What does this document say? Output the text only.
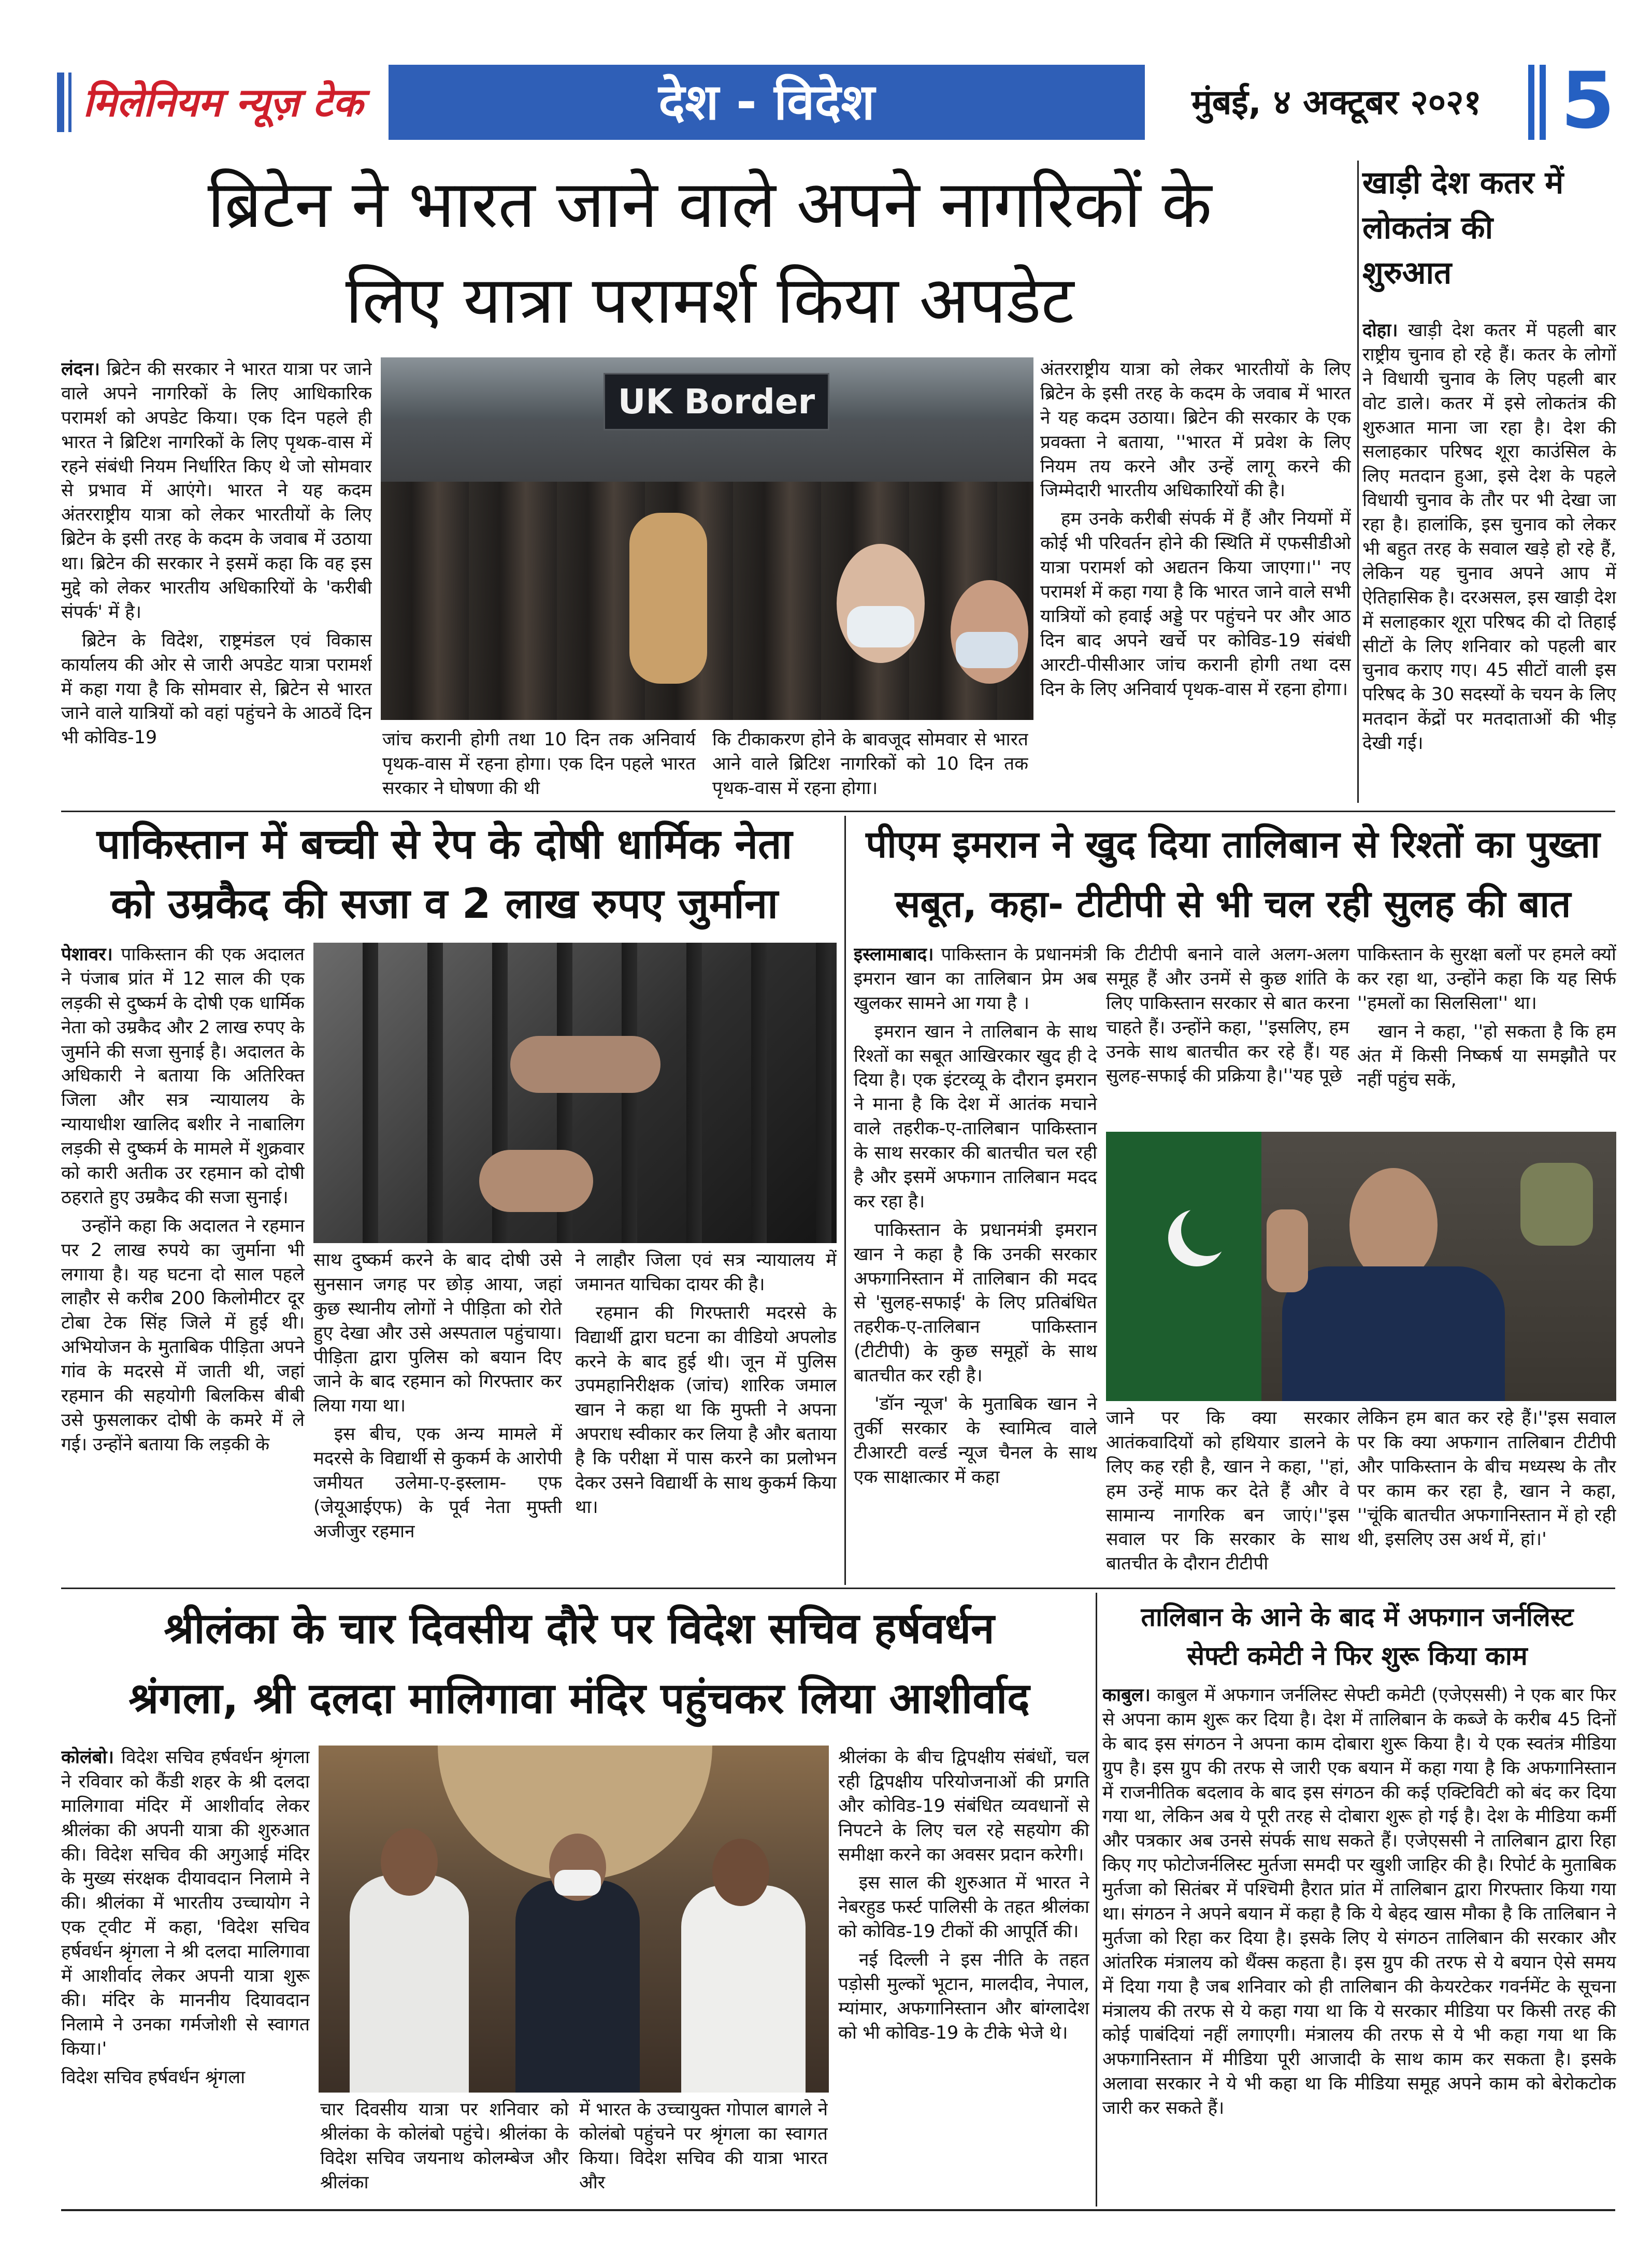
मिलेनियम न्यूज़ टेक	देश - विदेश	मुंबई, ४ अक्टूबर २०२१	5
ब्रिटेन ने भारत जाने वाले अपने नागरिकों के
लिए यात्रा परामर्श किया अपडेट

लंदन। ब्रिटेन की सरकार ने भारत यात्रा पर जाने वाले अपने नागरिकों के लिए आधिकारिक परामर्श को अपडेट किया। एक दिन पहले ही भारत ने ब्रिटिश नागरिकों के लिए पृथक-वास में रहने संबंधी नियम निर्धारित किए थे जो सोमवार से प्रभाव में आएंगे। भारत ने यह कदम अंतरराष्ट्रीय यात्रा को लेकर भारतीयों के लिए ब्रिटेन के इसी तरह के कदम के जवाब में उठाया था। ब्रिटेन की सरकार ने इसमें कहा कि वह इस मुद्दे को लेकर भारतीय अधिकारियों के 'करीबी संपर्क' में है।

ब्रिटेन के विदेश, राष्ट्रमंडल एवं विकास कार्यालय की ओर से जारी अपडेट यात्रा परामर्श में कहा गया है कि सोमवार से, ब्रिटेन से भारत जाने वाले यात्रियों को वहां पहुंचने के आठवें दिन भी कोविड-19

UK Border

जांच करानी होगी तथा 10 दिन तक अनिवार्य पृथक-वास में रहना होगा। एक दिन पहले भारत सरकार ने घोषणा की थी

कि टीकाकरण होने के बावजूद सोमवार से भारत आने वाले ब्रिटिश नागरिकों को 10 दिन तक पृथक-वास में रहना होगा।

अंतरराष्ट्रीय यात्रा को लेकर भारतीयों के लिए ब्रिटेन के इसी तरह के कदम के जवाब में भारत ने यह कदम उठाया। ब्रिटेन की सरकार के एक प्रवक्ता ने बताया, ''भारत में प्रवेश के लिए नियम तय करने और उन्हें लागू करने की जिम्मेदारी भारतीय अधिकारियों की है।

हम उनके करीबी संपर्क में हैं और नियमों में कोई भी परिवर्तन होने की स्थिति में एफसीडीओ यात्रा परामर्श को अद्यतन किया जाएगा।'' नए परामर्श में कहा गया है कि भारत जाने वाले सभी यात्रियों को हवाई अड्डे पर पहुंचने पर और आठ दिन बाद अपने खर्चे पर कोविड-19 संबंधी आरटी-पीसीआर जांच करानी होगी तथा दस दिन के लिए अनिवार्य पृथक-वास में रहना होगा।

खाड़ी देश कतर में लोकतंत्र की शुरुआत

दोहा। खाड़ी देश कतर में पहली बार राष्ट्रीय चुनाव हो रहे हैं। कतर के लोगों ने विधायी चुनाव के लिए पहली बार वोट डाले। कतर में इसे लोकतंत्र की शुरुआत माना जा रहा है। देश की सलाहकार परिषद शूरा काउंसिल के लिए मतदान हुआ, इसे देश के पहले विधायी चुनाव के तौर पर भी देखा जा रहा है। हालांकि, इस चुनाव को लेकर भी बहुत तरह के सवाल खड़े हो रहे हैं, लेकिन यह चुनाव अपने आप में ऐतिहासिक है। दरअसल, इस खाड़ी देश में सलाहकार शूरा परिषद की दो तिहाई सीटों के लिए शनिवार को पहली बार चुनाव कराए गए। 45 सीटों वाली इस परिषद के 30 सदस्यों के चयन के लिए मतदान केंद्रों पर मतदाताओं की भीड़ देखी गई।

पाकिस्तान में बच्ची से रेप के दोषी धार्मिक नेता
को उम्रकैद की सजा व 2 लाख रुपए जुर्माना

पेशावर। पाकिस्तान की एक अदालत ने पंजाब प्रांत में 12 साल की एक लड़की से दुष्कर्म के दोषी एक धार्मिक नेता को उम्रकैद और 2 लाख रुपए के जुर्माने की सजा सुनाई है। अदालत के अधिकारी ने बताया कि अतिरिक्त जिला और सत्र न्यायालय के न्यायाधीश खालिद बशीर ने नाबालिग लड़की से दुष्कर्म के मामले में शुक्रवार को कारी अतीक उर रहमान को दोषी ठहराते हुए उम्रकैद की सजा सुनाई।

उन्होंने कहा कि अदालत ने रहमान पर 2 लाख रुपये का जुर्माना भी लगाया है। यह घटना दो साल पहले लाहौर से करीब 200 किलोमीटर दूर टोबा टेक सिंह जिले में हुई थी। अभियोजन के मुताबिक पीड़िता अपने गांव के मदरसे में जाती थी, जहां रहमान की सहयोगी बिलकिस बीबी उसे फुसलाकर दोषी के कमरे में ले गई। उन्होंने बताया कि लड़की के

साथ दुष्कर्म करने के बाद दोषी उसे सुनसान जगह पर छोड़ आया, जहां कुछ स्थानीय लोगों ने पीड़िता को रोते हुए देखा और उसे अस्पताल पहुंचाया। पीड़िता द्वारा पुलिस को बयान दिए जाने के बाद रहमान को गिरफ्तार कर लिया गया था।

इस बीच, एक अन्य मामले में मदरसे के विद्यार्थी से कुकर्म के आरोपी जमीयत उलेमा-ए-इस्लाम- एफ (जेयूआईएफ) के पूर्व नेता मुफ्ती अजीजुर रहमान

ने लाहौर जिला एवं सत्र न्यायालय में जमानत याचिका दायर की है।

रहमान की गिरफ्तारी मदरसे के विद्यार्थी द्वारा घटना का वीडियो अपलोड करने के बाद हुई थी। जून में पुलिस उपमहानिरीक्षक (जांच) शारिक जमाल खान ने कहा था कि मुफ्ती ने अपना अपराध स्वीकार कर लिया है और बताया है कि परीक्षा में पास करने का प्रलोभन देकर उसने विद्यार्थी के साथ कुकर्म किया था।

पीएम इमरान ने खुद दिया तालिबान से रिश्तों का पुख्ता
सबूत, कहा- टीटीपी से भी चल रही सुलह की बात

इस्लामाबाद। पाकिस्तान के प्रधानमंत्री इमरान खान का तालिबान प्रेम अब खुलकर सामने आ गया है ।

इमरान खान ने तालिबान के साथ रिश्तों का सबूत आखिरकार खुद ही दे दिया है। एक इंटरव्यू के दौरान इमरान ने माना है कि देश में आतंक मचाने वाले तहरीक-ए-तालिबान पाकिस्तान के साथ सरकार की बातचीत चल रही है और इसमें अफगान तालिबान मदद कर रहा है।

पाकिस्तान के प्रधानमंत्री इमरान खान ने कहा है कि उनकी सरकार अफगानिस्तान में तालिबान की मदद से 'सुलह-सफाई' के लिए प्रतिबंधित तहरीक-ए-तालिबान पाकिस्तान (टीटीपी) के कुछ समूहों के साथ बातचीत कर रही है।

'डॉन न्यूज' के मुताबिक खान ने तुर्की सरकार के स्वामित्व वाले टीआरटी वर्ल्ड न्यूज चैनल के साथ एक साक्षात्कार में कहा

कि टीटीपी बनाने वाले अलग-अलग समूह हैं और उनमें से कुछ शांति के लिए पाकिस्तान सरकार से बात करना चाहते हैं। उन्होंने कहा, ''इसलिए, हम उनके साथ बातचीत कर रहे हैं। यह सुलह-सफाई की प्रक्रिया है।''यह पूछे

पाकिस्तान के सुरक्षा बलों पर हमले क्यों कर रहा था, उन्होंने कहा कि यह सिर्फ ''हमलों का सिलसिला'' था।

खान ने कहा, ''हो सकता है कि हम अंत में किसी निष्कर्ष या समझौते पर नहीं पहुंच सकें,

जाने पर कि क्या सरकार आतंकवादियों को हथियार डालने के लिए कह रही है, खान ने कहा, ''हां, हम उन्हें माफ कर देते हैं और वे सामान्य नागरिक बन जाएं।''इस सवाल पर कि सरकार के साथ बातचीत के दौरान टीटीपी

लेकिन हम बात कर रहे हैं।''इस सवाल पर कि क्या अफगान तालिबान टीटीपी और पाकिस्तान के बीच मध्यस्थ के तौर पर काम कर रहा है, खान ने कहा, ''चूंकि बातचीत अफगानिस्तान में हो रही थी, इसलिए उस अर्थ में, हां।'

श्रीलंका के चार दिवसीय दौरे पर विदेश सचिव हर्षवर्धन
श्रंगला, श्री दलदा मालिगावा मंदिर पहुंचकर लिया आशीर्वाद

कोलंबो। विदेश सचिव हर्षवर्धन श्रृंगला ने रविवार को कैंडी शहर के श्री दलदा मालिगावा मंदिर में आशीर्वाद लेकर श्रीलंका की अपनी यात्रा की शुरुआत की। विदेश सचिव की अगुआई मंदिर के मुख्य संरक्षक दीयावदान निलामे ने की। श्रीलंका में भारतीय उच्चायोग ने एक ट्वीट में कहा, 'विदेश सचिव हर्षवर्धन श्रृंगला ने श्री दलदा मालिगावा में आशीर्वाद लेकर अपनी यात्रा शुरू की। मंदिर के माननीय दियावदान निलामे ने उनका गर्मजोशी से स्वागत किया।'

विदेश सचिव हर्षवर्धन श्रृंगला

चार दिवसीय यात्रा पर शनिवार को श्रीलंका के कोलंबो पहुंचे। श्रीलंका के विदेश सचिव जयनाथ कोलम्बेज और श्रीलंका

में भारत के उच्चायुक्त गोपाल बागले ने कोलंबो पहुंचने पर श्रृंगला का स्वागत किया। विदेश सचिव की यात्रा भारत और

श्रीलंका के बीच द्विपक्षीय संबंधों, चल रही द्विपक्षीय परियोजनाओं की प्रगति और कोविड-19 संबंधित व्यवधानों से निपटने के लिए चल रहे सहयोग की समीक्षा करने का अवसर प्रदान करेगी।

इस साल की शुरुआत में भारत ने नेबरहुड फर्स्ट पालिसी के तहत श्रीलंका को कोविड-19 टीकों की आपूर्ति की।

नई दिल्ली ने इस नीति के तहत पड़ोसी मुल्कों भूटान, मालदीव, नेपाल, म्यांमार, अफगानिस्तान और बांग्लादेश को भी कोविड-19 के टीके भेजे थे।

तालिबान के आने के बाद में अफगान जर्नलिस्ट
सेफ्टी कमेटी ने फिर शुरू किया काम

काबुल। काबुल में अफगान जर्नलिस्ट सेफ्टी कमेटी (एजेएससी) ने एक बार फिर से अपना काम शुरू कर दिया है। देश में तालिबान के कब्जे के करीब 45 दिनों के बाद इस संगठन ने अपना काम दोबारा शुरू किया है। ये एक स्वतंत्र मीडिया ग्रुप है। इस ग्रुप की तरफ से जारी एक बयान में कहा गया है कि अफगानिस्तान में राजनीतिक बदलाव के बाद इस संगठन की कई एक्टिविटी को बंद कर दिया गया था, लेकिन अब ये पूरी तरह से दोबारा शुरू हो गई है। देश के मीडिया कर्मी और पत्रकार अब उनसे संपर्क साध सकते हैं। एजेएससी ने तालिबान द्वारा रिहा किए गए फोटोजर्नलिस्ट मुर्तजा समदी पर खुशी जाहिर की है। रिपोर्ट के मुताबिक मुर्तजा को सितंबर में पश्चिमी हैरात प्रांत में तालिबान द्वारा गिरफ्तार किया गया था। संगठन ने अपने बयान में कहा है कि ये बेहद खास मौका है कि तालिबान ने मुर्तजा को रिहा कर दिया है। इसके लिए ये संगठन तालिबान की सरकार और आंतरिक मंत्रालय को थैंक्स कहता है। इस ग्रुप की तरफ से ये बयान ऐसे समय में दिया गया है जब शनिवार को ही तालिबान की केयरटेकर गवर्नमेंट के सूचना मंत्रालय की तरफ से ये कहा गया था कि ये सरकार मीडिया पर किसी तरह की कोई पाबंदियां नहीं लगाएगी। मंत्रालय की तरफ से ये भी कहा गया था कि अफगानिस्तान में मीडिया पूरी आजादी के साथ काम कर सकता है। इसके अलावा सरकार ने ये भी कहा था कि मीडिया समूह अपने काम को बेरोकटोक जारी कर सकते हैं।
